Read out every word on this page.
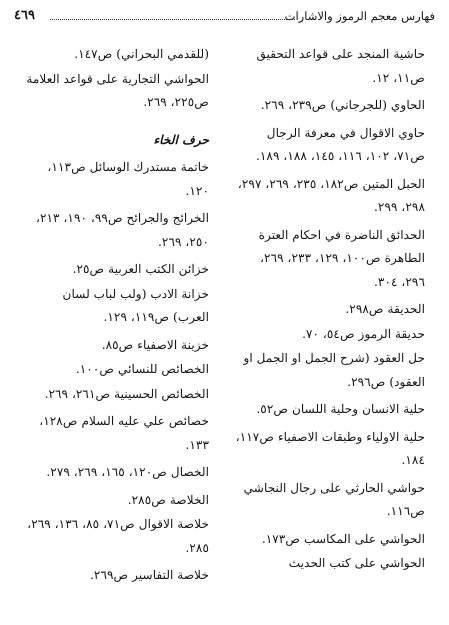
فهارس معجم الرموز والاشارات
٤٦٩
حاشية المنجد على قواعد التحقيق ص١١، ١٢.
الحاوي (للجرجاني) ص٢٣٩، ٢٦٩.
حاوي الاقوال في معرفة الرجال ص٧١، ١٠٢، ١١٦، ١٤٥، ١٨٨، ١٨٩.
الحبل المتين ص١٨٢، ٢٣٥، ٢٦٩، ٢٩٧، ٢٩٨، ٢٩٩.
الحدائق الناضرة في احكام العترة الطاهرة ص١٠٠، ١٢٩، ٢٣٣، ٢٦٩، ٢٩٦، ٣٠٤.
الحديقة ص٢٩٨.
حديقة الرموز ص٥٤، ٧٠.
حل العقود (شرح الجمل او الجمل او العقود) ص٢٩٦.
حلية الانسان وحلية اللسان ص٥٢.
حلية الاولياء وطبقات الاصفياء ص١١٧، ١٨٤.
حواشي الحارثي على رجال النجاشي ص١١٦.
الحواشي على المكاسب ص١٧٣.
الحواشي على كتب الحديث
(للقدمي البحراني) ص١٤٧.
الحواشي التجارية على قواعد العلامة ص٢٢٥، ٢٦٩.
حرف الخاء
خاتمة مستدرك الوسائل ص١١٣، ١٢٠.
الخرائج والجرائح ص٩٩، ١٩٠، ٢١٣، ٢٥٠، ٢٦٩.
خزائن الكتب العربية ص٢٥.
خزانة الادب (ولب لباب لسان العرب) ص١١٩، ١٢٩.
خزينة الاصفياء ص٨٥.
الخصائص للنسائي ص١٠٠.
الخصائص الحسينية ص٢٦١، ٢٦٩.
خصائص علي عليه السلام ص١٢٨، ١٣٣.
الخصال ص١٢٠، ١٦٥، ٢٦٩، ٢٧٩.
الخلاصة ص٢٨٥.
خلاصة الاقوال ص٧١، ٨٥، ١٣٦، ٢٦٩، ٢٨٥.
خلاصة التفاسير ص٢٦٩.
